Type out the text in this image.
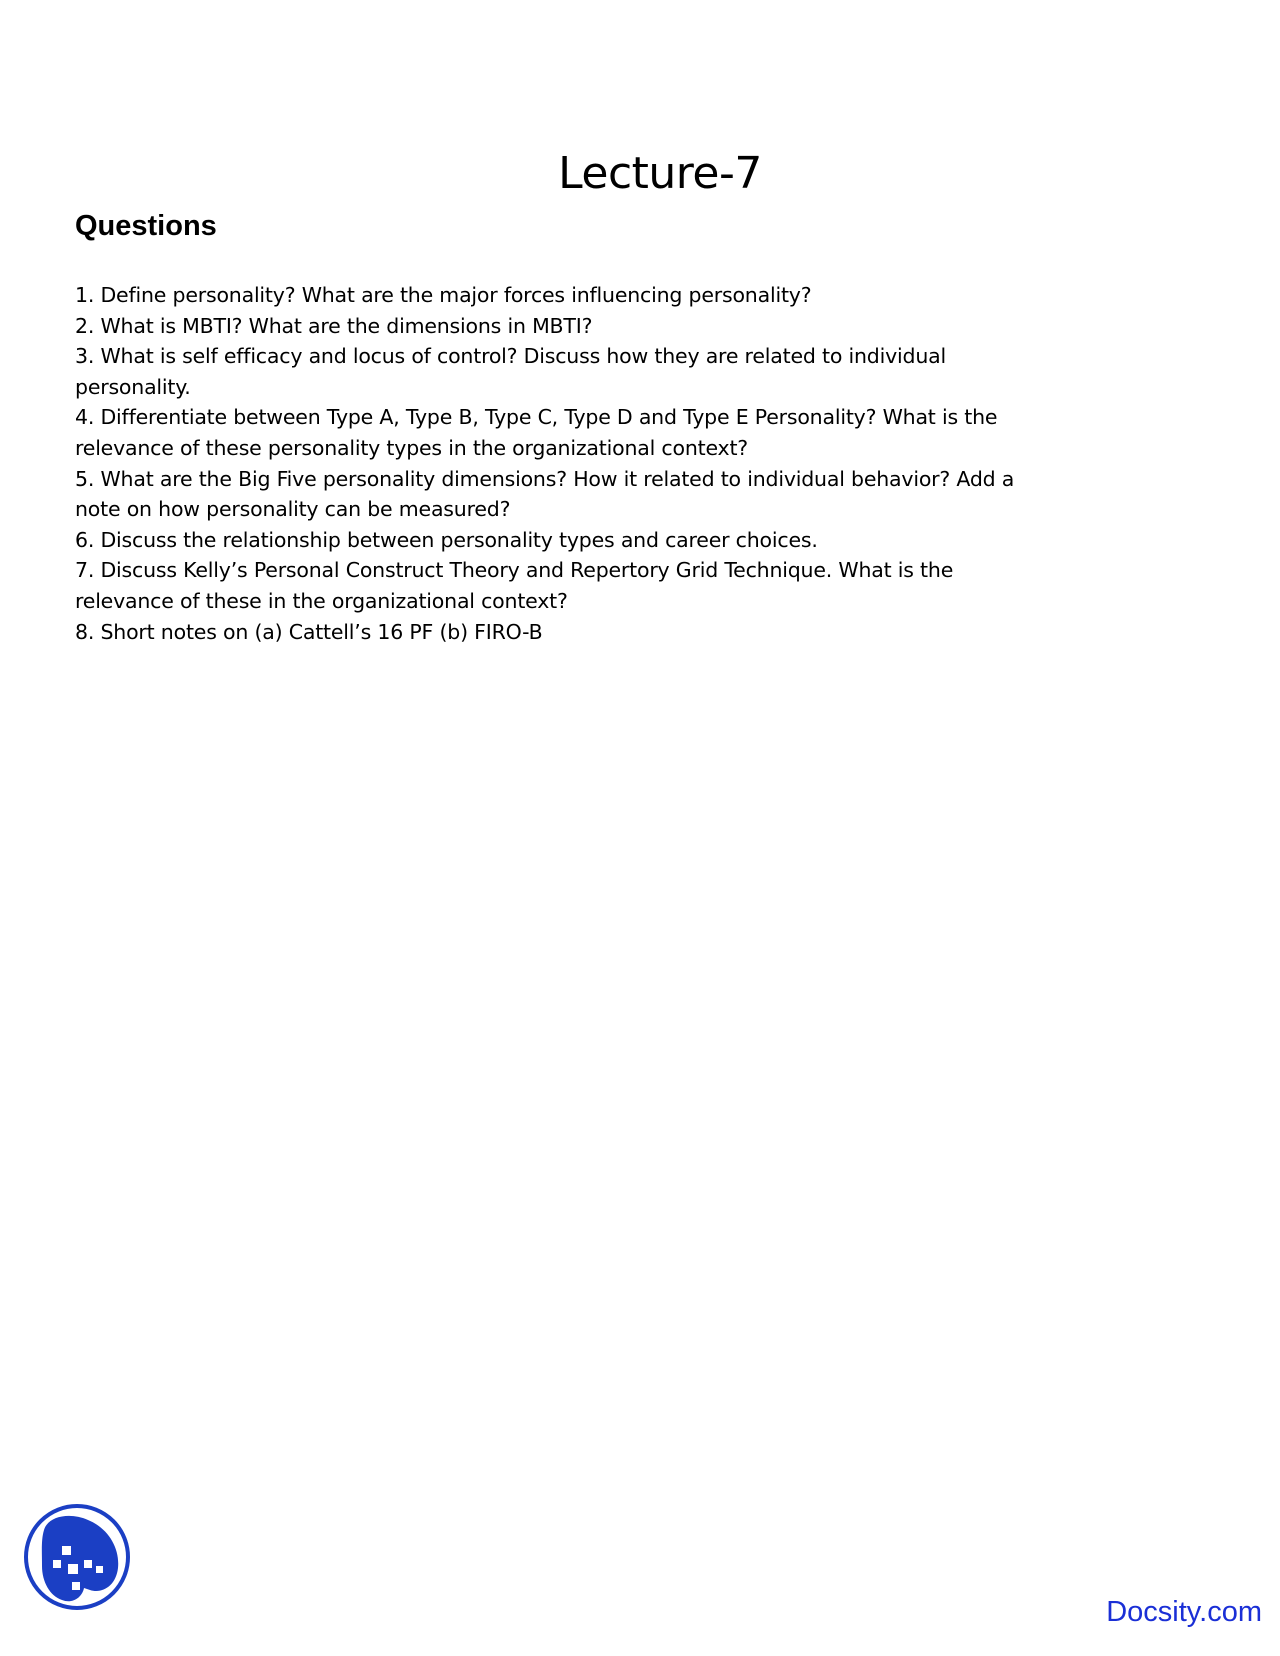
Lecture-7
Questions
1. Define personality? What are the major forces influencing personality?
2. What is MBTI? What are the dimensions in MBTI?
3. What is self efficacy and locus of control? Discuss how they are related to individual personality.
4. Differentiate between Type A, Type B, Type C, Type D and Type E Personality? What is the relevance of these personality types in the organizational context?
5. What are the Big Five personality dimensions? How it related to individual behavior? Add a note on how personality can be measured?
6. Discuss the relationship between personality types and career choices.
7. Discuss Kelly’s Personal Construct Theory and Repertory Grid Technique. What is the relevance of these in the organizational context?
8. Short notes on (a) Cattell’s 16 PF (b) FIRO-B
Docsity.com
